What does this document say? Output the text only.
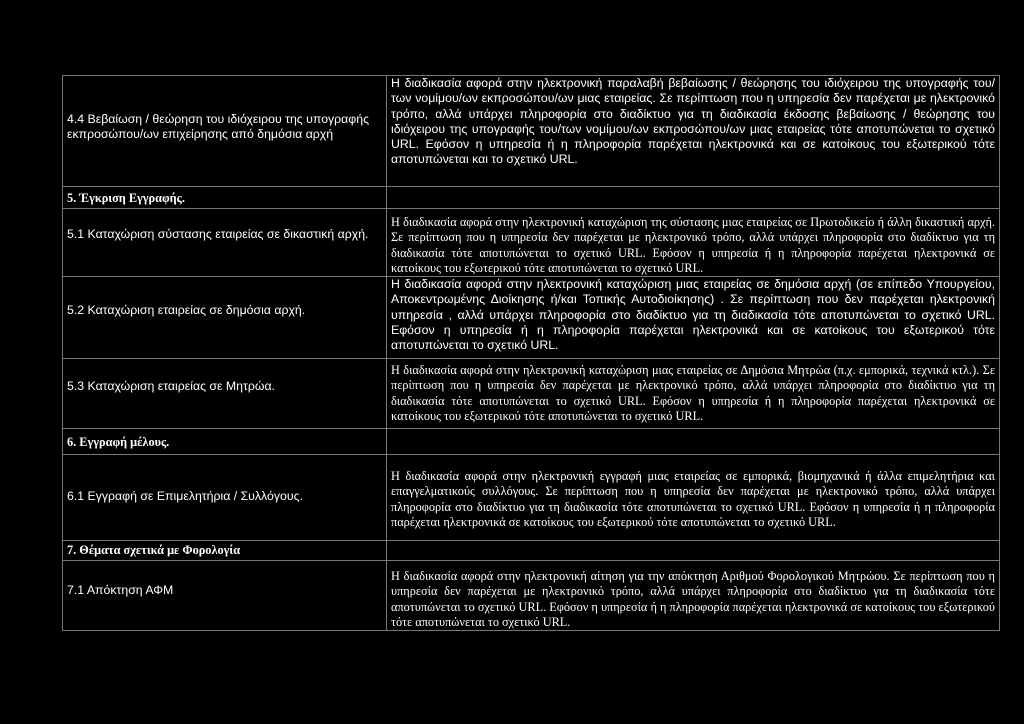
4.4 Βεβαίωση / θεώρηση του ιδιόχειρου της υπογραφής εκπροσώπου/ων επιχείρησης από δημόσια αρχή	Η διαδικασία αφορά στην ηλεκτρονική παραλαβή βεβαίωσης / θεώρησης του ιδιόχειρου της υπογραφής του/των νομίμου/ων εκπροσώπου/ων μιας εταιρείας. Σε περίπτωση που η υπηρεσία δεν παρέχεται με ηλεκτρονικό τρόπο, αλλά υπάρχει πληροφορία στο διαδίκτυο για τη διαδικασία έκδοσης βεβαίωσης / θεώρησης του ιδιόχειρου της υπογραφής του/των νομίμου/ων εκπροσώπου/ων μιας εταιρείας τότε αποτυπώνεται το σχετικό URL. Εφόσον η υπηρεσία ή η πληροφορία παρέχεται ηλεκτρονικά και σε κατοίκους του εξωτερικού τότε αποτυπώνεται και το σχετικό URL.
5. Έγκριση Εγγραφής.	

5.1 Καταχώριση σύστασης εταιρείας σε δικαστική αρχή.	Η διαδικασία αφορά στην ηλεκτρονική καταχώριση της σύστασης μιας εταιρείας σε Πρωτοδικείο ή άλλη δικαστική αρχή. Σε περίπτωση που η υπηρεσία δεν παρέχεται με ηλεκτρονικό τρόπο, αλλά υπάρχει πληροφορία στο διαδίκτυο για τη διαδικασία τότε αποτυπώνεται το σχετικό URL. Εφόσον η υπηρεσία ή η πληροφορία παρέχεται ηλεκτρονικά σε κατοίκους του εξωτερικού τότε αποτυπώνεται το σχετικό URL.

5.2 Καταχώριση εταιρείας σε δημόσια αρχή.	Η διαδικασία αφορά στην ηλεκτρονική καταχώριση μιας εταιρείας σε δημόσια αρχή (σε επίπεδο Υπουργείου, Αποκεντρωμένης Διοίκησης ή/και Τοπικής Αυτοδιοίκησης) . Σε περίπτωση που δεν παρέχεται ηλεκτρονική υπηρεσία , αλλά υπάρχει πληροφορία στο διαδίκτυο για τη διαδικασία τότε αποτυπώνεται το σχετικό URL. Εφόσον η υπηρεσία ή η πληροφορία παρέχεται ηλεκτρονικά και σε κατοίκους του εξωτερικού τότε αποτυπώνεται το σχετικό URL.

5.3 Καταχώριση εταιρείας σε Μητρώα.	Η διαδικασία αφορά στην ηλεκτρονική καταχώριση μιας εταιρείας σε Δημόσια Μητρώα (π.χ. εμπορικά, τεχνικά κτλ.). Σε περίπτωση που η υπηρεσία δεν παρέχεται με ηλεκτρονικό τρόπο, αλλά υπάρχει πληροφορία στο διαδίκτυο για τη διαδικασία τότε αποτυπώνεται το σχετικό URL. Εφόσον η υπηρεσία ή η πληροφορία παρέχεται ηλεκτρονικά σε κατοίκους του εξωτερικού τότε αποτυπώνεται το σχετικό URL.
6. Εγγραφή μέλους.	

6.1 Εγγραφή σε Επιμελητήρια / Συλλόγους.	Η διαδικασία αφορά στην ηλεκτρονική εγγραφή μιας εταιρείας σε εμπορικά, βιομηχανικά ή άλλα επιμελητήρια και επαγγελματικούς συλλόγους. Σε περίπτωση που η υπηρεσία δεν παρέχεται με ηλεκτρονικό τρόπο, αλλά υπάρχει πληροφορία στο διαδίκτυο για τη διαδικασία τότε αποτυπώνεται το σχετικό URL. Εφόσον η υπηρεσία ή η πληροφορία παρέχεται ηλεκτρονικά σε κατοίκους του εξωτερικού τότε αποτυπώνεται το σχετικό URL.
7. Θέματα σχετικά με Φορολογία	

7.1 Απόκτηση ΑΦΜ	Η διαδικασία αφορά στην ηλεκτρονική αίτηση για την απόκτηση Αριθμού Φορολογικού Μητρώου. Σε περίπτωση που η υπηρεσία δεν παρέχεται με ηλεκτρονικό τρόπο, αλλά υπάρχει πληροφορία στο διαδίκτυο για τη διαδικασία τότε αποτυπώνεται το σχετικό URL. Εφόσον η υπηρεσία ή η πληροφορία παρέχεται ηλεκτρονικά σε κατοίκους του εξωτερικού τότε αποτυπώνεται το σχετικό URL.
